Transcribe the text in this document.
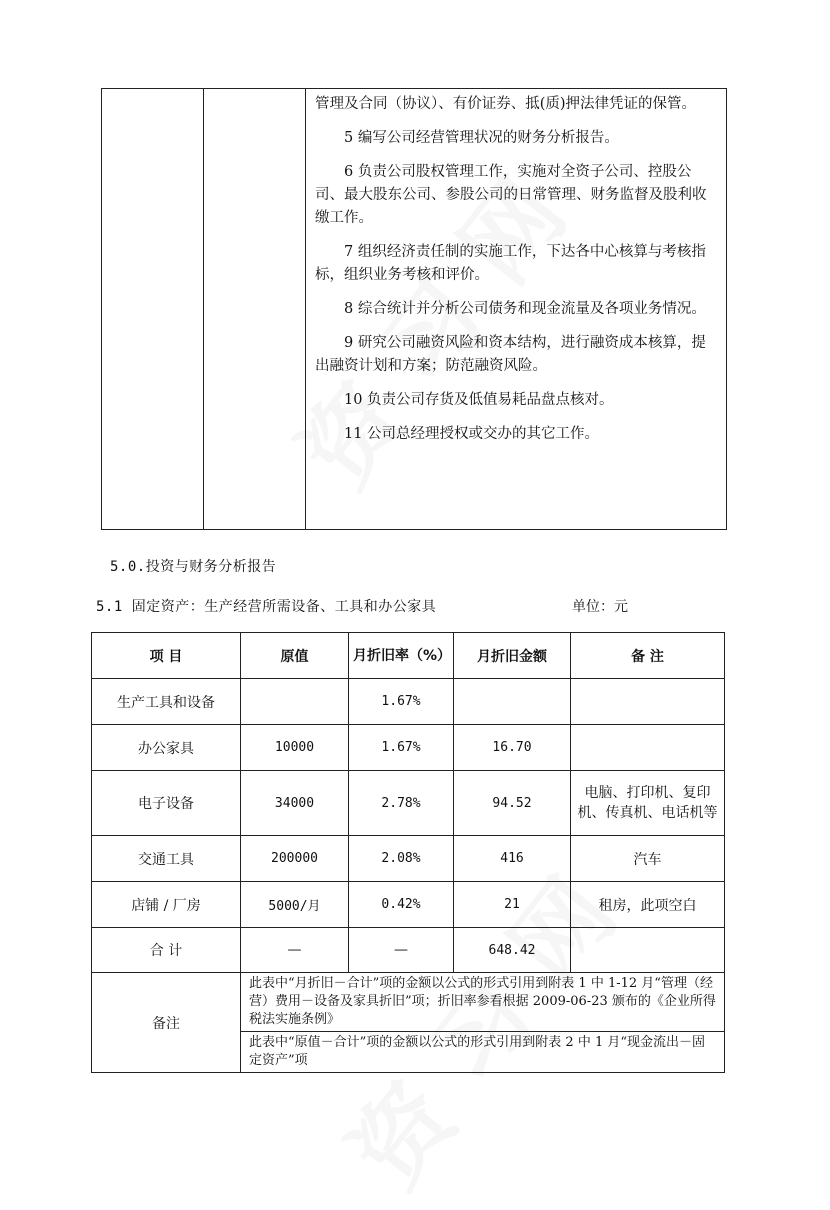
管理及合同（协议）、有价证券、抵(质)押法律凭证的保管。

5 编写公司经营管理状况的财务分析报告。

6 负责公司股权管理工作，实施对全资子公司、控股公司、最大股东公司、参股公司的日常管理、财务监督及股利收缴工作。

7 组织经济责任制的实施工作，下达各中心核算与考核指标，组织业务考核和评价。

8 综合统计并分析公司债务和现金流量及各项业务情况。

9 研究公司融资风险和资本结构，进行融资成本核算，提出融资计划和方案；防范融资风险。

10 负责公司存货及低值易耗品盘点核对。

11 公司总经理授权或交办的其它工作。

5.0.投资与财务分析报告
5.1 固定资产：生产经营所需设备、工具和办公家具	单位：元
项 目	原值	月折旧率（%）	月折旧金额	备 注
生产工具和设备		1.67%		
办公家具	10000	1.67%	16.70	
电子设备	34000	2.78%	94.52	电脑、打印机、复印机、传真机、电话机等
交通工具	200000	2.08%	416	汽车
店铺 / 厂房	5000/月	0.42%	21	租房，此项空白
合 计	—	—	648.42	
备注	此表中“月折旧－合计”项的金额以公式的形式引用到附表 1 中 1-12 月“管理（经营）费用－设备及家具折旧”项；折旧率参看根据 2009-06-23 颁布的《企业所得税法实施条例》			
	此表中“原值－合计”项的金额以公式的形式引用到附表 2 中 1 月“现金流出－固定资产”项			
